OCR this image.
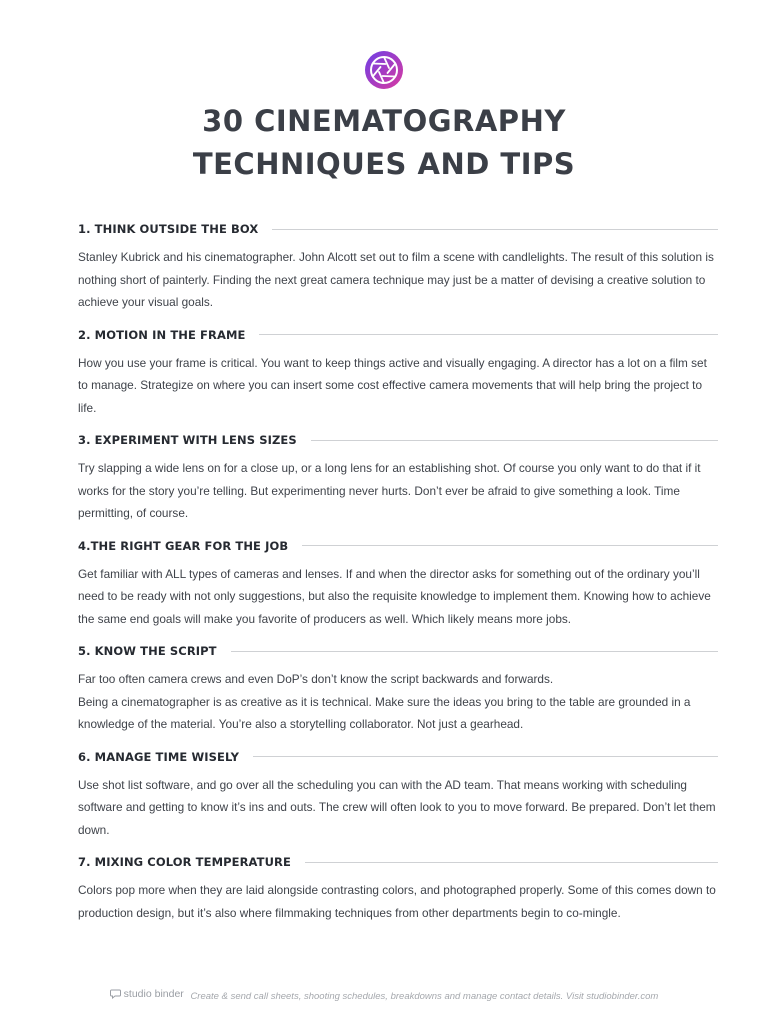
30 CINEMATOGRAPHY
TECHNIQUES AND TIPS
1. THINK OUTSIDE THE BOX

Stanley Kubrick and his cinematographer. John Alcott set out to film a scene with candlelights. The result of this solution is nothing short of painterly. Finding the next great camera technique may just be a matter of devising a creative solution to achieve your visual goals.

2. MOTION IN THE FRAME

How you use your frame is critical. You want to keep things active and visually engaging. A director has a lot on a film set to manage. Strategize on where you can insert some cost effective camera movements that will help bring the project to life.

3. EXPERIMENT WITH LENS SIZES

Try slapping a wide lens on for a close up, or a long lens for an establishing shot. Of course you only want to do that if it works for the story you’re telling. But experimenting never hurts. Don’t ever be afraid to give something a look. Time permitting, of course.

4.THE RIGHT GEAR FOR THE JOB

Get familiar with ALL types of cameras and lenses. If and when the director asks for something out of the ordinary you’ll need to be ready with not only suggestions, but also the requisite knowledge to implement them. Knowing how to achieve the same end goals will make you favorite of producers as well. Which likely means more jobs.

5. KNOW THE SCRIPT

Far too often camera crews and even DoP’s don’t know the script backwards and forwards.

Being a cinematographer is as creative as it is technical. Make sure the ideas you bring to the table are grounded in a knowledge of the material. You’re also a storytelling collaborator. Not just a gearhead.

6. MANAGE TIME WISELY

Use shot list software, and go over all the scheduling you can with the AD team. That means working with scheduling software and getting to know it’s ins and outs. The crew will often look to you to move forward. Be prepared. Don’t let them down.

7. MIXING COLOR TEMPERATURE

Colors pop more when they are laid alongside contrasting colors, and photographed properly. Some of this comes down to production design, but it’s also where filmmaking techniques from other departments begin to co-mingle.

studio binder Create & send call sheets, shooting schedules, breakdowns and manage contact details. Visit studiobinder.com
